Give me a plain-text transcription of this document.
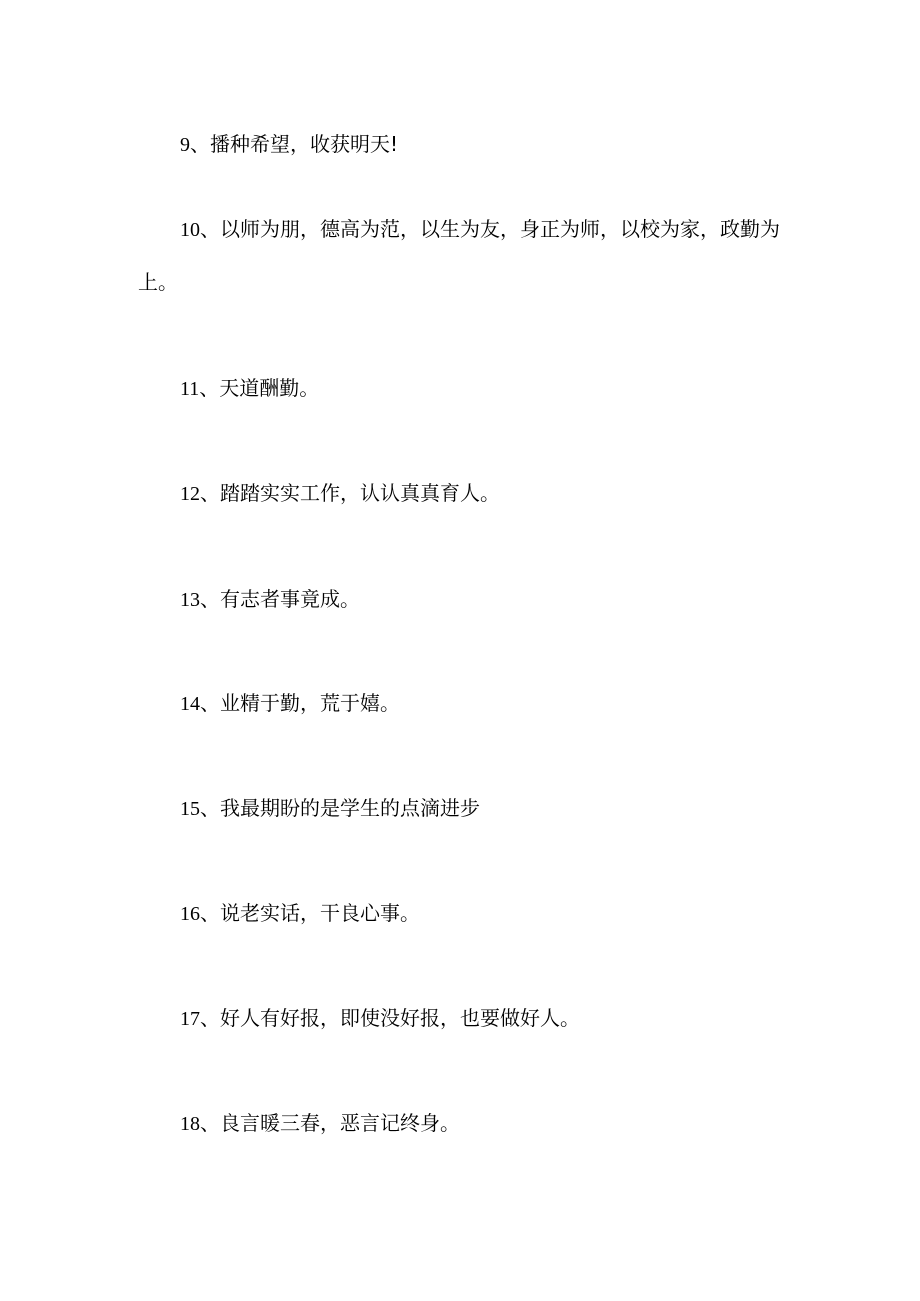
9、播种希望，收获明天!

10、以师为朋，德高为范，以生为友，身正为师，以校为家，政勤为上。

11、天道酬勤。

12、踏踏实实工作，认认真真育人。

13、有志者事竟成。

14、业精于勤，荒于嬉。

15、我最期盼的是学生的点滴进步

16、说老实话，干良心事。

17、好人有好报，即使没好报，也要做好人。

18、良言暖三春，恶言记终身。
